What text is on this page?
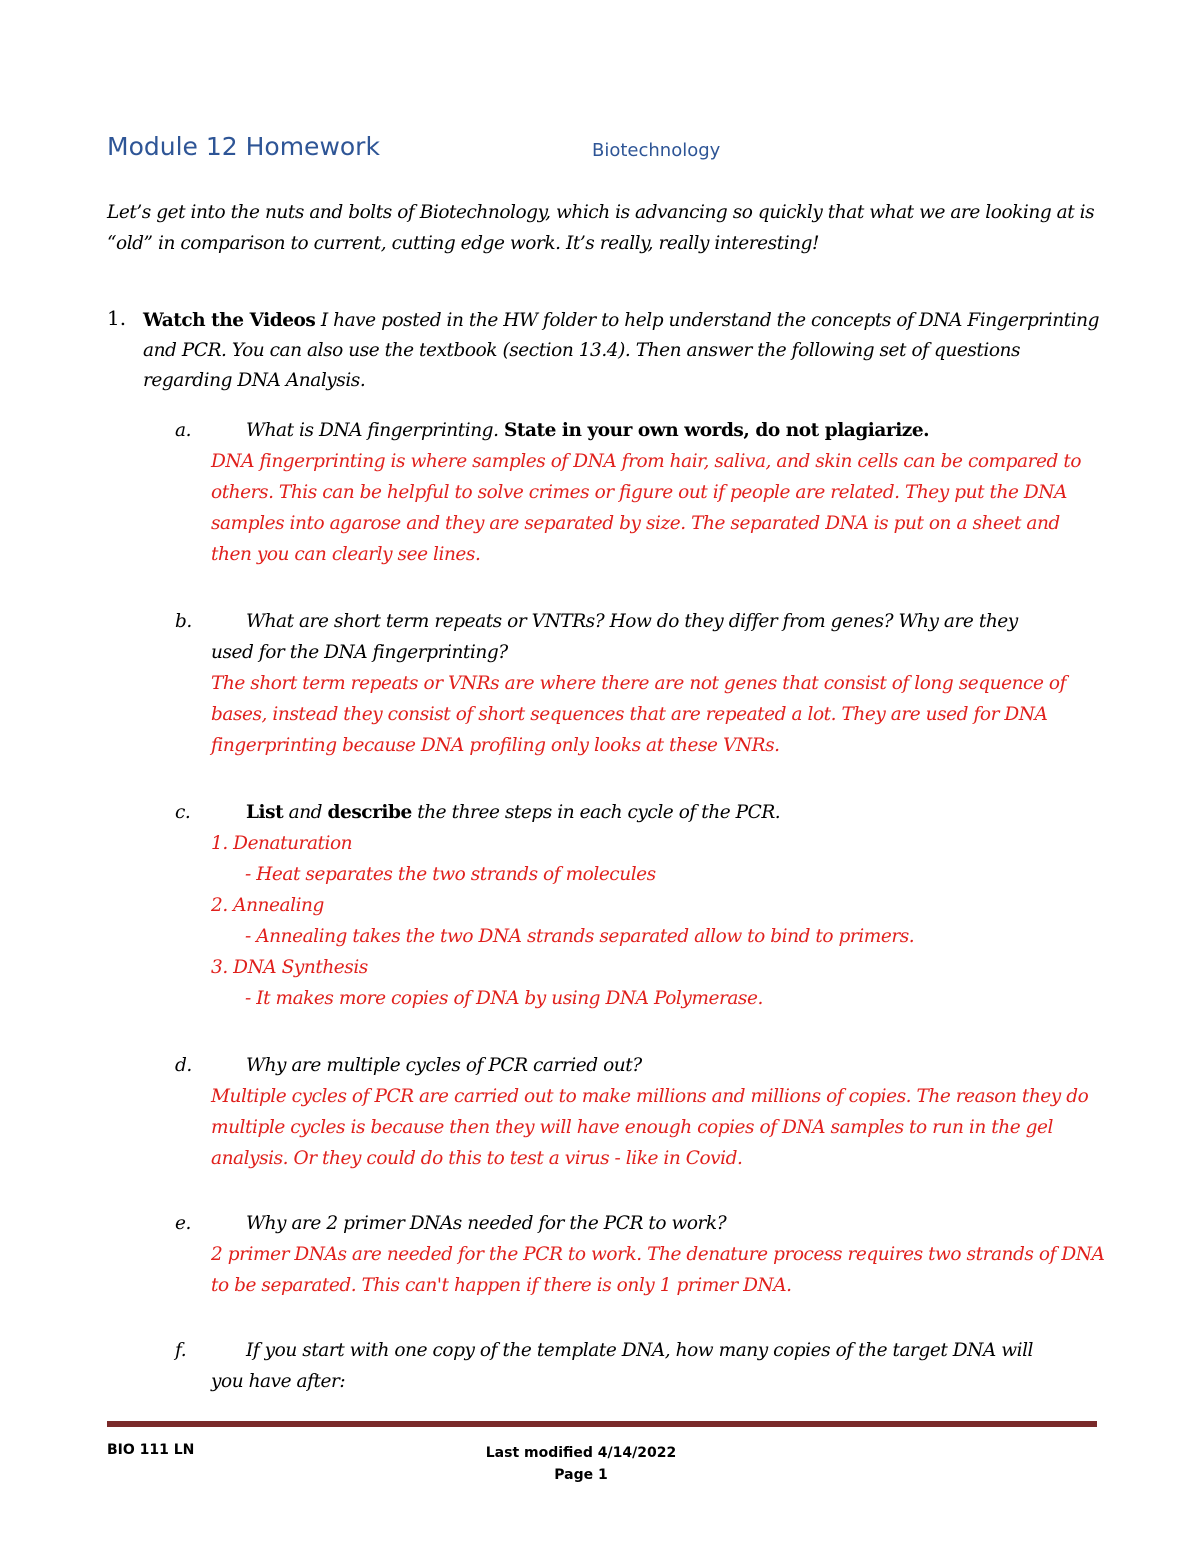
Module 12 Homework	Biotechnology
Let’s get into the nuts and bolts of Biotechnology, which is advancing so quickly that what we are looking at is “old” in comparison to current, cutting edge work. It’s really, really interesting!
1. Watch the Videos I have posted in the HW folder to help understand the concepts of DNA Fingerprinting and PCR. You can also use the textbook (section 13.4). Then answer the following set of questions regarding DNA Analysis.
a.	What is DNA fingerprinting. State in your own words, do not plagiarize.
DNA fingerprinting is where samples of DNA from hair, saliva, and skin cells can be compared to others. This can be helpful to solve crimes or figure out if people are related. They put the DNA samples into agarose and they are separated by size. The separated DNA is put on a sheet and then you can clearly see lines.
b.	What are short term repeats or VNTRs? How do they differ from genes? Why are they
used for the DNA fingerprinting?
The short term repeats or VNRs are where there are not genes that consist of long sequence of bases, instead they consist of short sequences that are repeated a lot. They are used for DNA fingerprinting because DNA profiling only looks at these VNRs.
c.	List and describe the three steps in each cycle of the PCR.
1. Denaturation
- Heat separates the two strands of molecules
2. Annealing
- Annealing takes the two DNA strands separated allow to bind to primers.
3. DNA Synthesis
- It makes more copies of DNA by using DNA Polymerase.
d.	Why are multiple cycles of PCR carried out?
Multiple cycles of PCR are carried out to make millions and millions of copies. The reason they do multiple cycles is because then they will have enough copies of DNA samples to run in the gel analysis. Or they could do this to test a virus - like in Covid.
e.	Why are 2 primer DNAs needed for the PCR to work?
2 primer DNAs are needed for the PCR to work. The denature process requires two strands of DNA to be separated. This can't happen if there is only 1 primer DNA.
f.	If you start with one copy of the template DNA, how many copies of the target DNA will
you have after:
BIO 111 LN	Last modified 4/14/2022
Page 1
